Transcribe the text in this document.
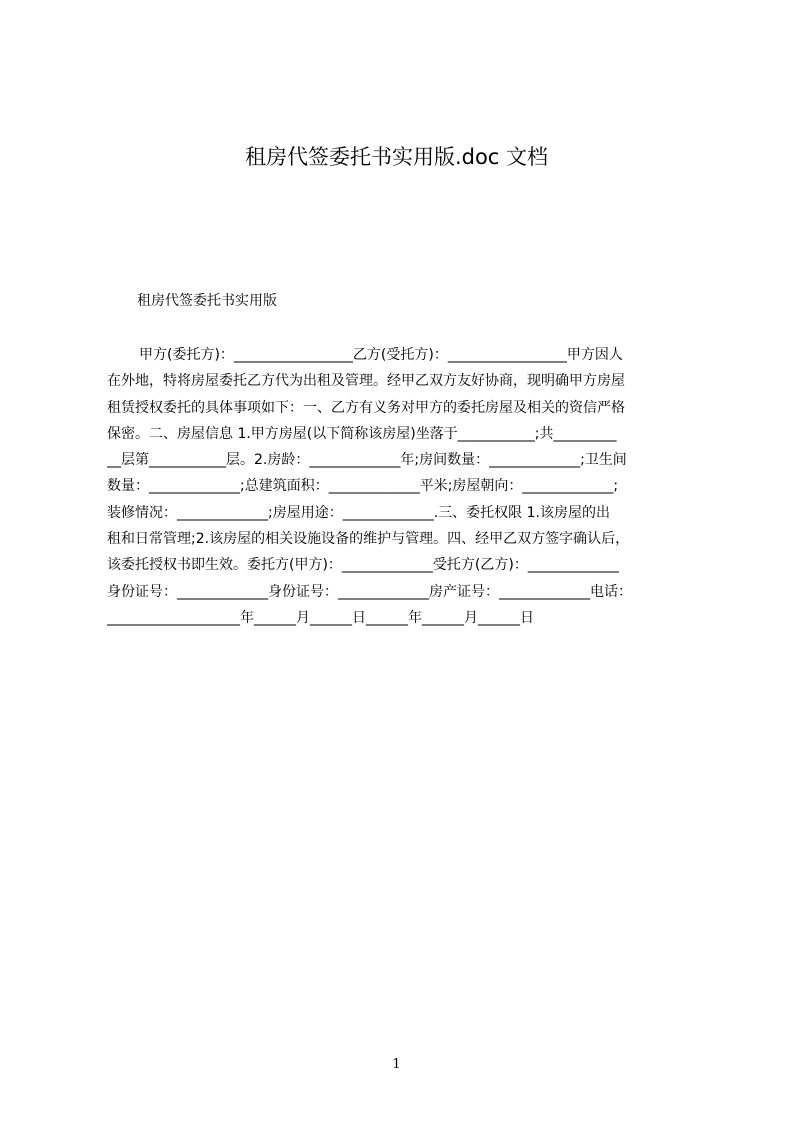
租房代签委托书实用版.doc 文档
租房代签委托书实用版
甲方(委托方)：_________________乙方(受托方)：_________________甲方因人
在外地，特将房屋委托乙方代为出租及管理。经甲乙双方友好协商，现明确甲方房屋
租赁授权委托的具体事项如下：一、乙方有义务对甲方的委托房屋及相关的资信严格
保密。二、房屋信息 1.甲方房屋(以下简称该房屋)坐落于___________;共_________
__层第___________层。2.房龄：_____________年;房间数量：_____________;卫生间
数量：_____________;总建筑面积：_____________平米;房屋朝向：_____________;
装修情况：_____________;房屋用途：_____________.三、委托权限 1.该房屋的出
租和日常管理;2.该房屋的相关设施设备的维护与管理。四、经甲乙双方签字确认后，
该委托授权书即生效。委托方(甲方)：_____________受托方(乙方)：_____________
身份证号：_____________身份证号：_____________房产证号：_____________电话：
___________________年______月______日______年______月______日
1
